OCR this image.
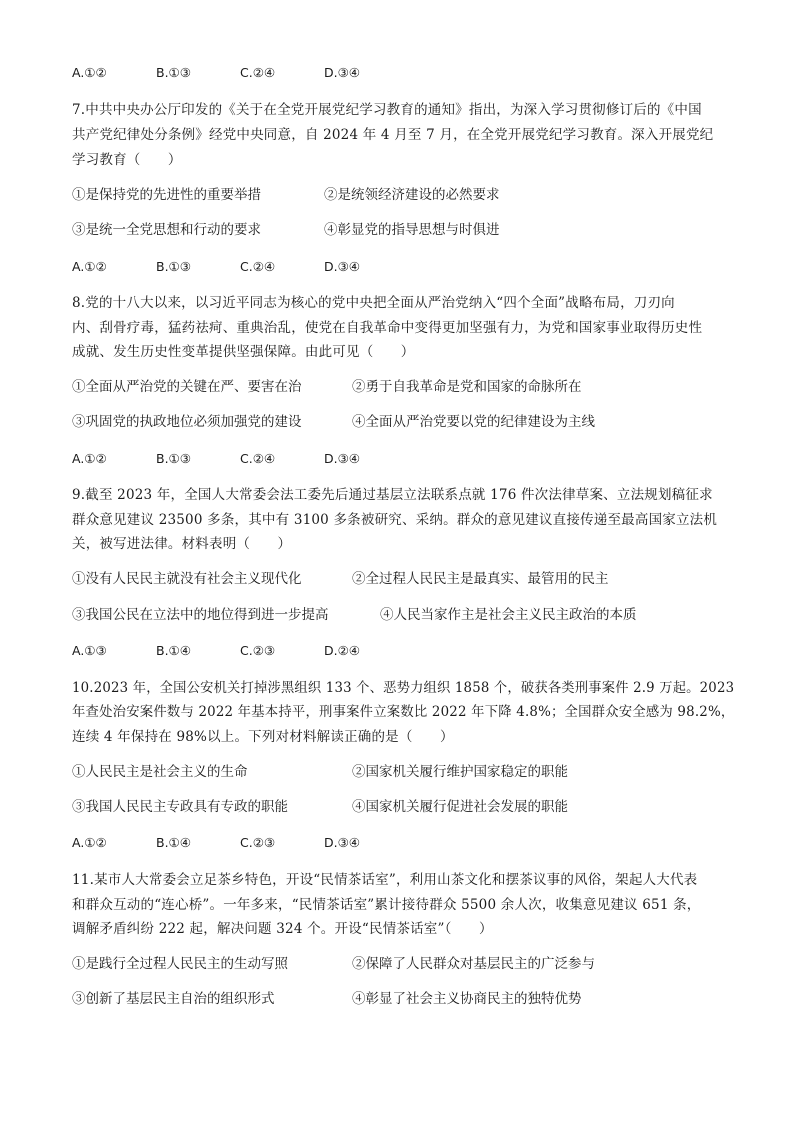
A.①②	B.①③	C.②④	D.③④
7.中共中央办公厅印发的《关于在全党开展党纪学习教育的通知》指出，为深入学习贯彻修订后的《中国
共产党纪律处分条例》经党中央同意，自 2024 年 4 月至 7 月，在全党开展党纪学习教育。深入开展党纪
学习教育（　　）
①是保持党的先进性的重要举措	②是统领经济建设的必然要求
③是统一全党思想和行动的要求	④彰显党的指导思想与时俱进
A.①②	B.①③	C.②④	D.③④
8.党的十八大以来，以习近平同志为核心的党中央把全面从严治党纳入“四个全面”战略布局，刀刃向
内、刮骨疗毒，猛药祛疴、重典治乱，使党在自我革命中变得更加坚强有力，为党和国家事业取得历史性
成就、发生历史性变革提供坚强保障。由此可见（　　）
①全面从严治党的关键在严、要害在治	②勇于自我革命是党和国家的命脉所在
③巩固党的执政地位必须加强党的建设	④全面从严治党要以党的纪律建设为主线
A.①②	B.①③	C.②④	D.③④
9.截至 2023 年，全国人大常委会法工委先后通过基层立法联系点就 176 件次法律草案、立法规划稿征求
群众意见建议 23500 多条，其中有 3100 多条被研究、采纳。群众的意见建议直接传递至最高国家立法机
关，被写进法律。材料表明（　　）
①没有人民民主就没有社会主义现代化	②全过程人民民主是最真实、最管用的民主
③我国公民在立法中的地位得到进一步提高	④人民当家作主是社会主义民主政治的本质
A.①③	B.①④	C.②③	D.②④
10.2023 年，全国公安机关打掉涉黑组织 133 个、恶势力组织 1858 个，破获各类刑事案件 2.9 万起。2023
年查处治安案件数与 2022 年基本持平，刑事案件立案数比 2022 年下降 4.8%；全国群众安全感为 98.2%，
连续 4 年保持在 98%以上。下列对材料解读正确的是（　　）
①人民民主是社会主义的生命	②国家机关履行维护国家稳定的职能
③我国人民民主专政具有专政的职能	④国家机关履行促进社会发展的职能
A.①②	B.①④	C.②③	D.③④
11.某市人大常委会立足茶乡特色，开设“民情茶话室”，利用山茶文化和摆茶议事的风俗，架起人大代表
和群众互动的“连心桥”。一年多来，“民情茶话室”累计接待群众 5500 余人次，收集意见建议 651 条，
调解矛盾纠纷 222 起，解决问题 324 个。开设“民情茶话室”（　　）
①是践行全过程人民民主的生动写照	②保障了人民群众对基层民主的广泛参与
③创新了基层民主自治的组织形式	④彰显了社会主义协商民主的独特优势
